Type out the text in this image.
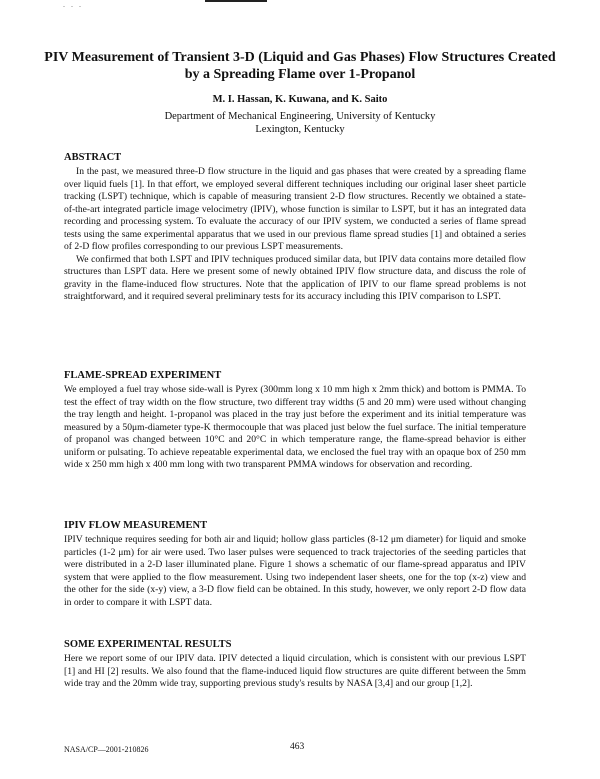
. . .
PIV Measurement of Transient 3-D (Liquid and Gas Phases) Flow Structures Created by a Spreading Flame over 1-Propanol
M. I. Hassan, K. Kuwana, and K. Saito
Department of Mechanical Engineering, University of Kentucky
Lexington, Kentucky
ABSTRACT

In the past, we measured three-D flow structure in the liquid and gas phases that were created by a spreading flame over liquid fuels [1]. In that effort, we employed several different techniques including our original laser sheet particle tracking (LSPT) technique, which is capable of measuring transient 2-D flow structures. Recently we obtained a state-of-the-art integrated particle image velocimetry (IPIV), whose function is similar to LSPT, but it has an integrated data recording and processing system. To evaluate the accuracy of our IPIV system, we conducted a series of flame spread tests using the same experimental apparatus that we used in our previous flame spread studies [1] and obtained a series of 2-D flow profiles corresponding to our previous LSPT measurements.

We confirmed that both LSPT and IPIV techniques produced similar data, but IPIV data contains more detailed flow structures than LSPT data. Here we present some of newly obtained IPIV flow structure data, and discuss the role of gravity in the flame-induced flow structures. Note that the application of IPIV to our flame spread problems is not straightforward, and it required several preliminary tests for its accuracy including this IPIV comparison to LSPT.

FLAME-SPREAD EXPERIMENT

We employed a fuel tray whose side-wall is Pyrex (300mm long x 10 mm high x 2mm thick) and bottom is PMMA. To test the effect of tray width on the flow structure, two different tray widths (5 and 20 mm) were used without changing the tray length and height. 1-propanol was placed in the tray just before the experiment and its initial temperature was measured by a 50μm-diameter type-K thermocouple that was placed just below the fuel surface. The initial temperature of propanol was changed between 10°C and 20°C in which temperature range, the flame-spread behavior is either uniform or pulsating. To achieve repeatable experimental data, we enclosed the fuel tray with an opaque box of 250 mm wide x 250 mm high x 400 mm long with two transparent PMMA windows for observation and recording.

IPIV FLOW MEASUREMENT

IPIV technique requires seeding for both air and liquid; hollow glass particles (8-12 μm diameter) for liquid and smoke particles (1-2 μm) for air were used. Two laser pulses were sequenced to track trajectories of the seeding particles that were distributed in a 2-D laser illuminated plane. Figure 1 shows a schematic of our flame-spread apparatus and IPIV system that were applied to the flow measurement. Using two independent laser sheets, one for the top (x-z) view and the other for the side (x-y) view, a 3-D flow field can be obtained. In this study, however, we only report 2-D flow data in order to compare it with LSPT data.

SOME EXPERIMENTAL RESULTS

Here we report some of our IPIV data. IPIV detected a liquid circulation, which is consistent with our previous LSPT [1] and HI [2] results. We also found that the flame-induced liquid flow structures are quite different between the 5mm wide tray and the 20mm wide tray, supporting previous study's results by NASA [3,4] and our group [1,2].

NASA/CP—2001-210826	463
